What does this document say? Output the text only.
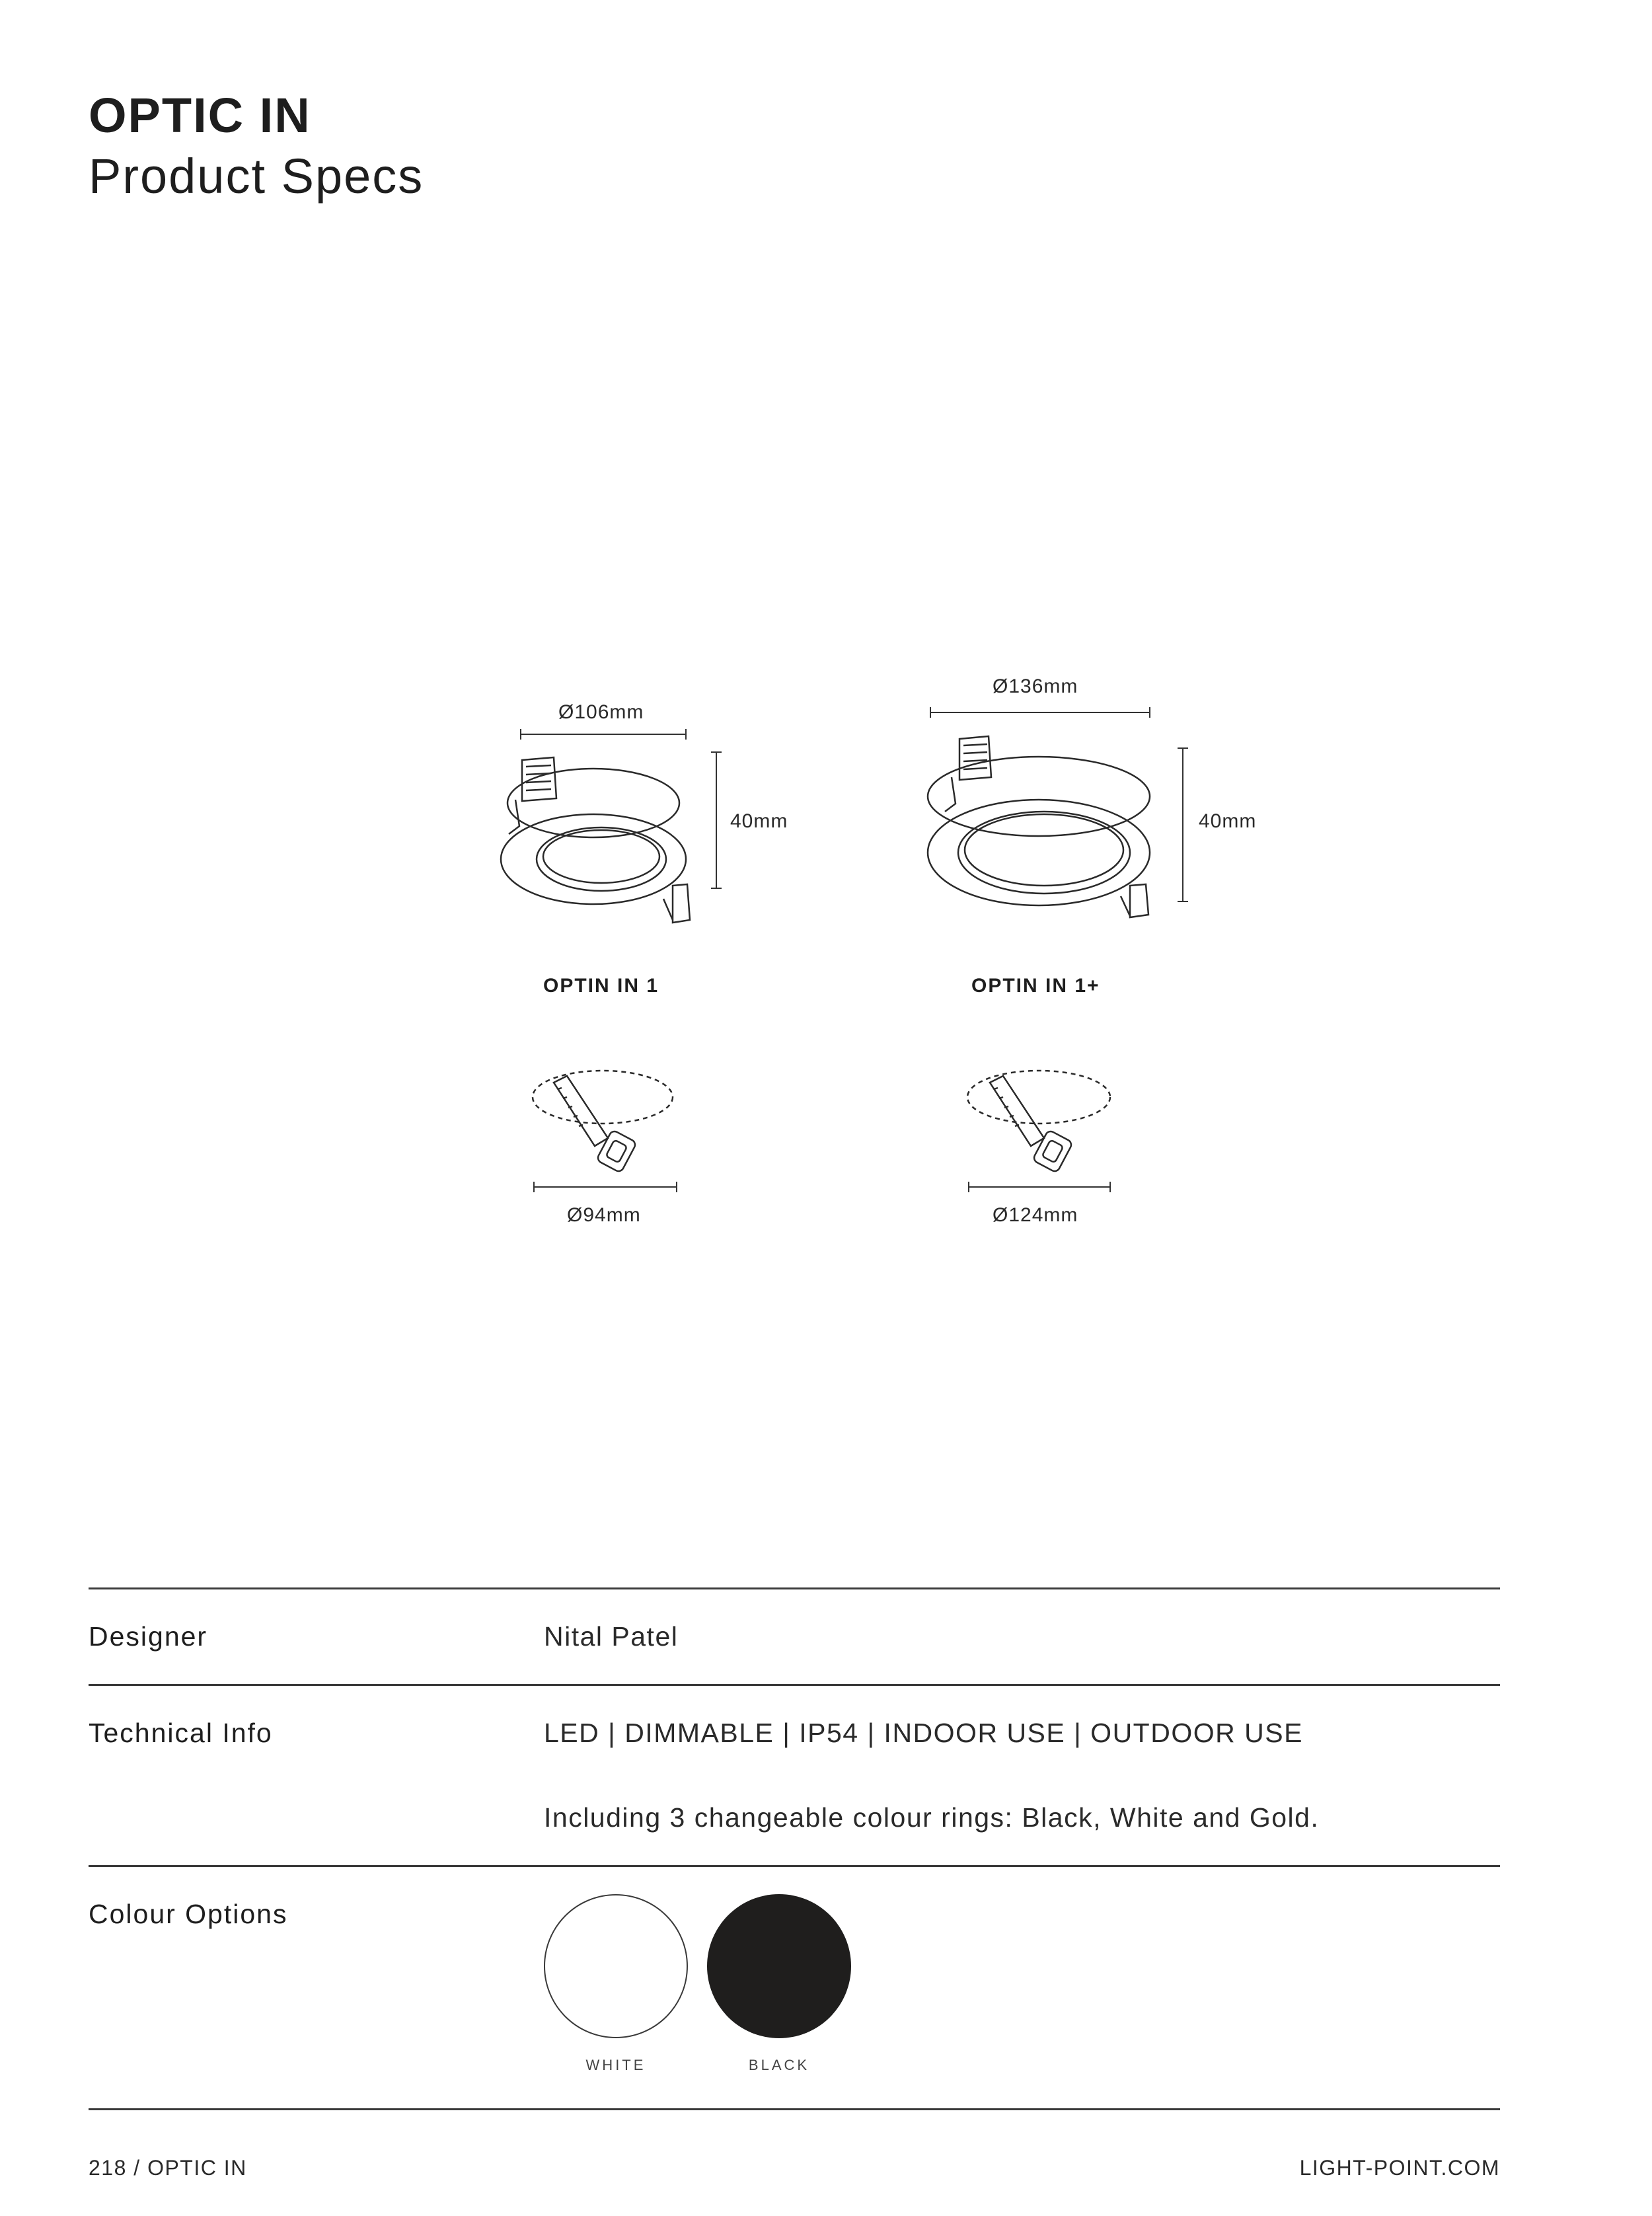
OPTIC IN
Product Specs
Ø106mm
40mm
OPTIN IN 1
Ø94mm
Ø136mm
40mm
OPTIN IN 1+
Ø124mm
Designer	Nital Patel
Technical Info	LED | DIMMABLE | IP54 | INDOOR USE | OUTDOOR USE
Including 3 changeable colour rings: Black, White and Gold.
Colour Options
WHITE	BLACK
218 / OPTIC IN	LIGHT-POINT.COM
